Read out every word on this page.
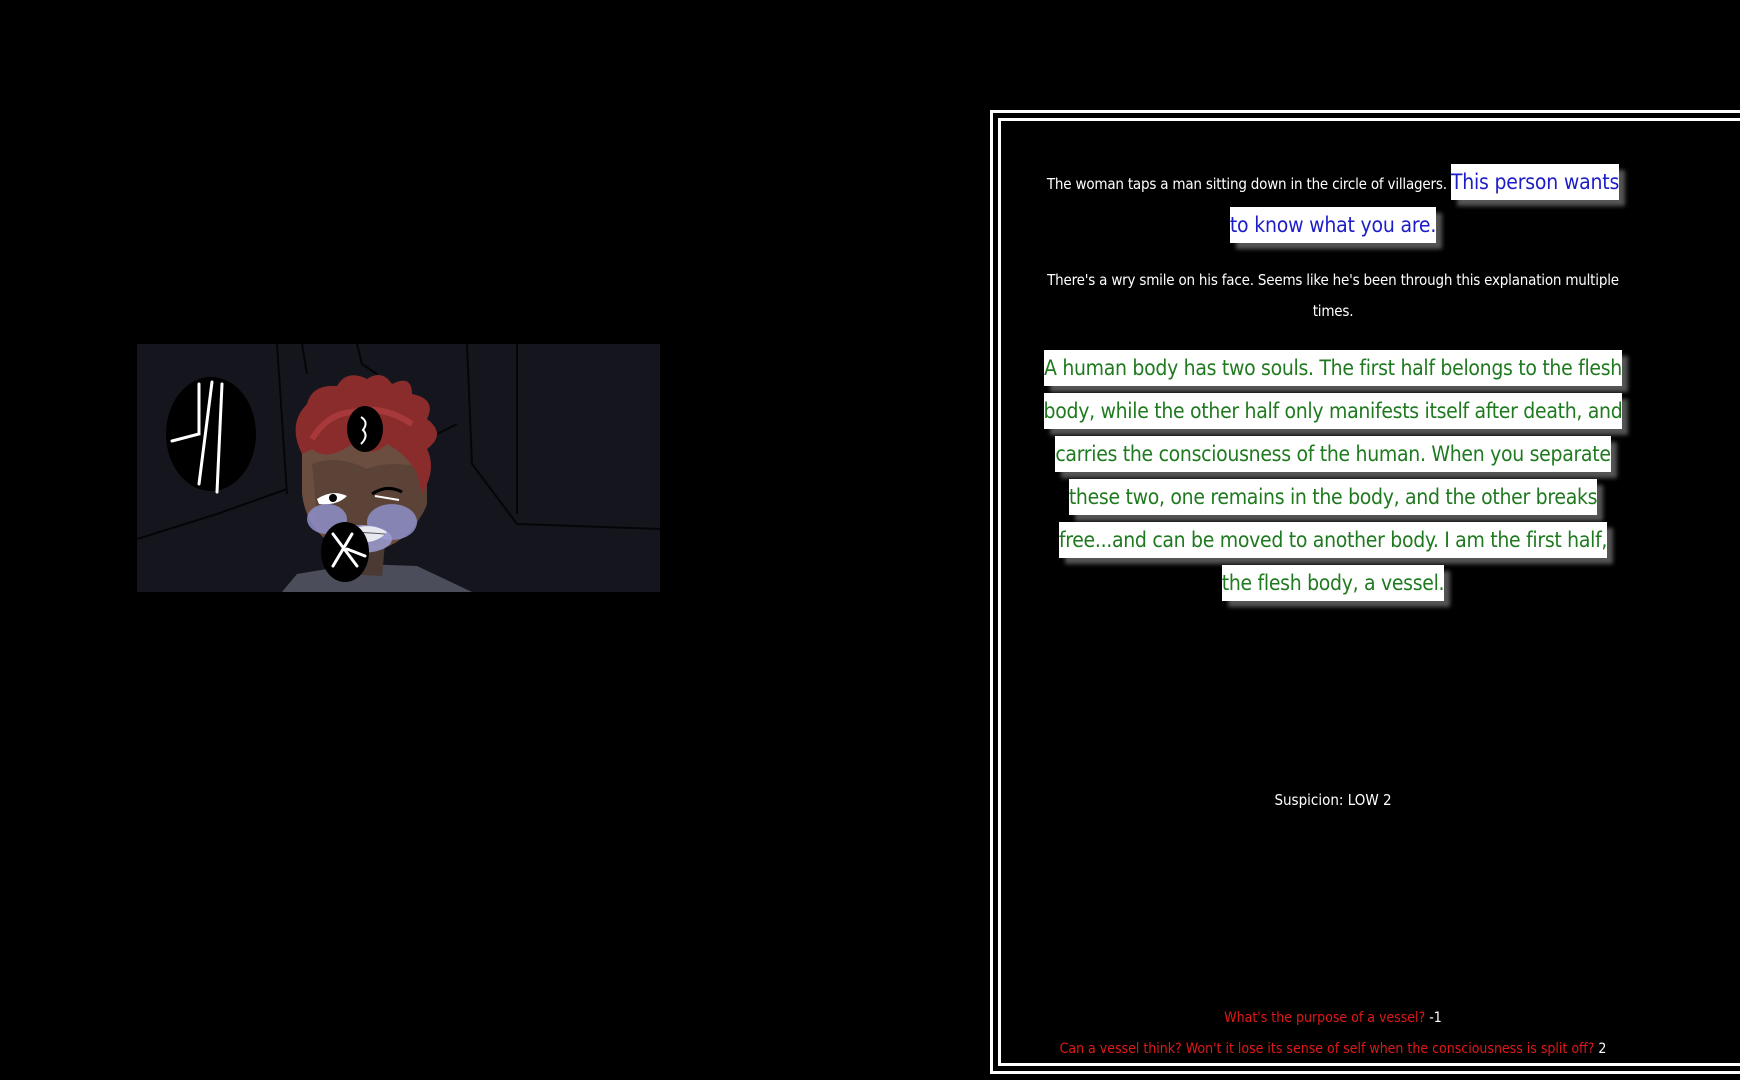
The woman taps a man sitting down in the circle of villagers. This person wants to know what you are.
There's a wry smile on his face. Seems like he's been through this explanation multiple times.
A human body has two souls. The first half belongs to the flesh body, while the other half only manifests itself after death, and carries the consciousness of the human. When you separate these two, one remains in the body, and the other breaks free...and can be moved to another body. I am the first half, the flesh body, a vessel.
Suspicion: LOW 2
What's the purpose of a vessel? -1
Can a vessel think? Won't it lose its sense of self when the consciousness is split off? 2
